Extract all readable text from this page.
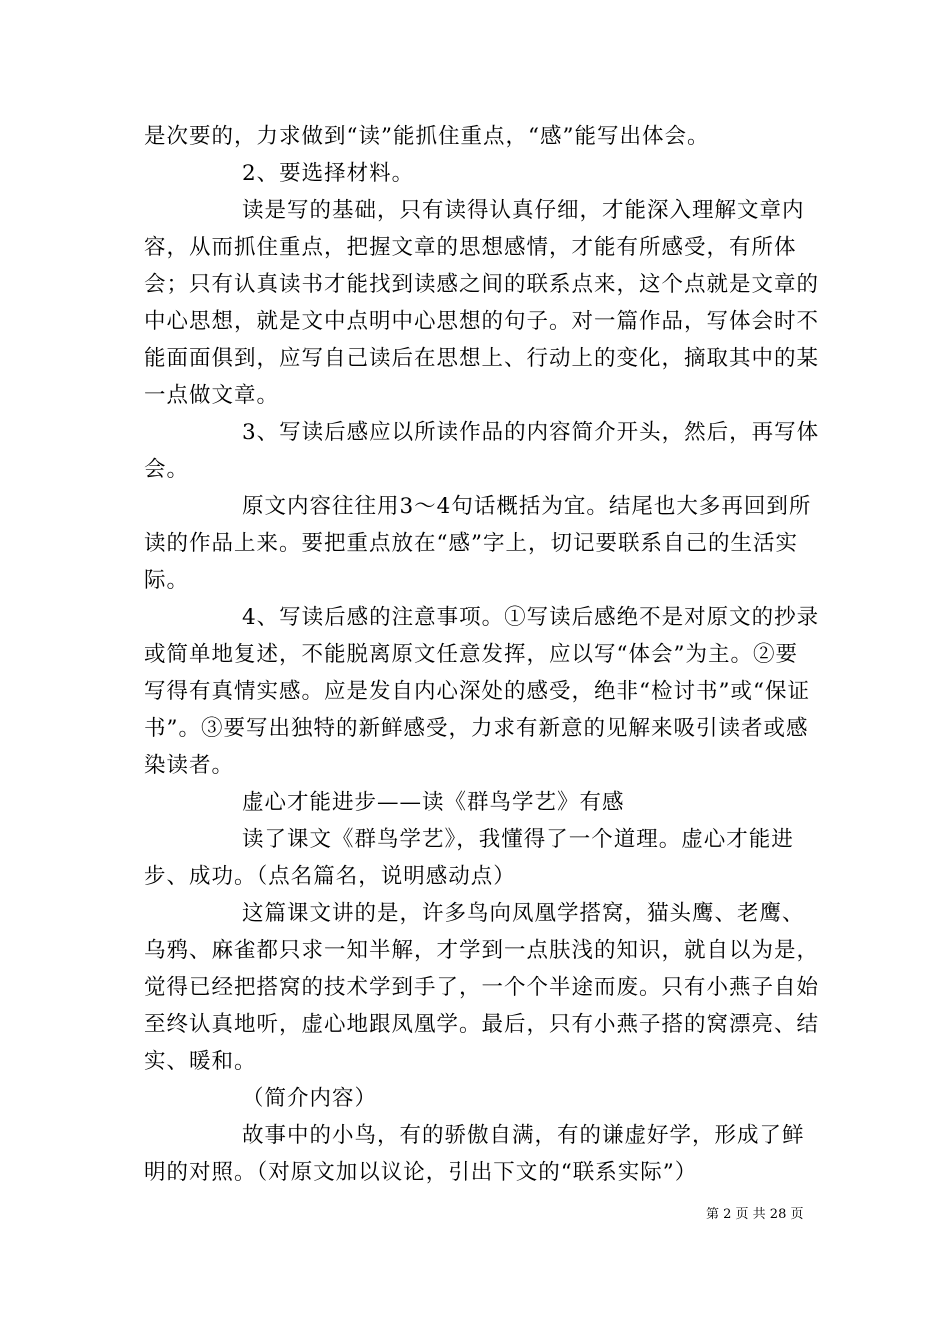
是次要的，力求做到“读”能抓住重点，“感”能写出体会。

2、要选择材料。

读是写的基础，只有读得认真仔细，才能深入理解文章内容，从而抓住重点，把握文章的思想感情，才能有所感受，有所体会；只有认真读书才能找到读感之间的联系点来，这个点就是文章的中心思想，就是文中点明中心思想的句子。对一篇作品，写体会时不能面面俱到，应写自己读后在思想上、行动上的变化，摘取其中的某一点做文章。

3、写读后感应以所读作品的内容简介开头，然后，再写体会。

原文内容往往用3～4句话概括为宜。结尾也大多再回到所读的作品上来。要把重点放在“感”字上，切记要联系自己的生活实际。

4、写读后感的注意事项。①写读后感绝不是对原文的抄录或简单地复述，不能脱离原文任意发挥，应以写“体会”为主。②要写得有真情实感。应是发自内心深处的感受，绝非“检讨书”或“保证书”。③要写出独特的新鲜感受，力求有新意的见解来吸引读者或感染读者。

虚心才能进步——读《群鸟学艺》有感

读了课文《群鸟学艺》，我懂得了一个道理。虚心才能进步、成功。（点名篇名，说明感动点）

这篇课文讲的是，许多鸟向凤凰学搭窝，猫头鹰、老鹰、乌鸦、麻雀都只求一知半解，才学到一点肤浅的知识，就自以为是，觉得已经把搭窝的技术学到手了，一个个半途而废。只有小燕子自始至终认真地听，虚心地跟凤凰学。最后，只有小燕子搭的窝漂亮、结实、暖和。

（简介内容）

故事中的小鸟，有的骄傲自满，有的谦虚好学，形成了鲜明的对照。（对原文加以议论，引出下文的“联系实际”）

第 2 页 共 28 页
